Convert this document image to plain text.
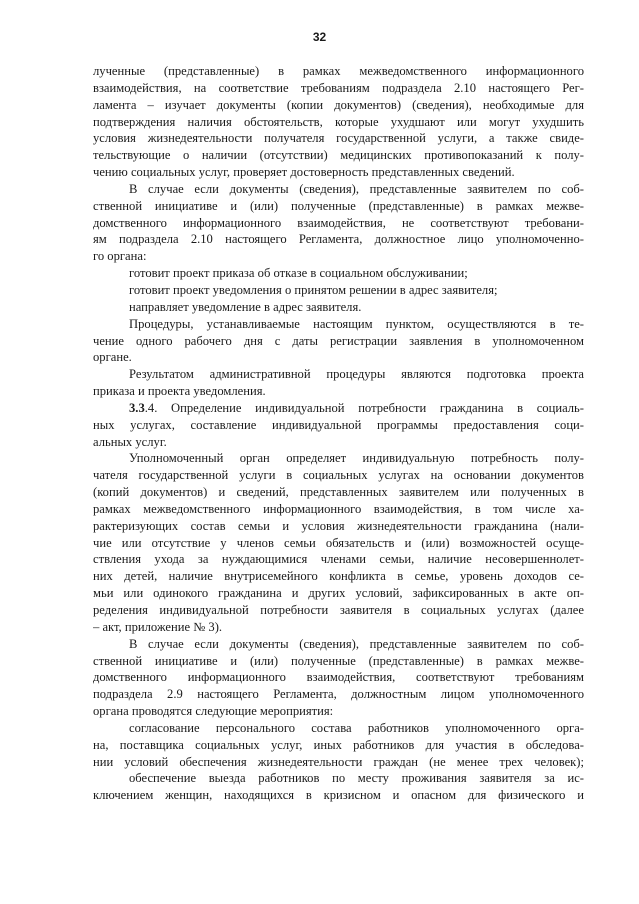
32
лученные (представленные) в рамках межведомственного информационного
взаимодействия, на соответствие требованиям подраздела 2.10 настоящего Рег-
ламента – изучает документы (копии документов) (сведения), необходимые для
подтверждения наличия обстоятельств, которые ухудшают или могут ухудшить
условия жизнедеятельности получателя государственной услуги, а также свиде-
тельствующие о наличии (отсутствии) медицинских противопоказаний к полу-
чению социальных услуг, проверяет достоверность представленных сведений.
В случае если документы (сведения), представленные заявителем по соб-
ственной инициативе и (или) полученные (представленные) в рамках межве-
домственного информационного взаимодействия, не соответствуют требовани-
ям подраздела 2.10 настоящего Регламента, должностное лицо уполномоченно-
го органа:
готовит проект приказа об отказе в социальном обслуживании;
готовит проект уведомления о принятом решении в адрес заявителя;
направляет уведомление в адрес заявителя.
Процедуры, устанавливаемые настоящим пунктом, осуществляются в те-
чение одного рабочего дня с даты регистрации заявления в уполномоченном
органе.
Результатом административной процедуры являются подготовка проекта
приказа и проекта уведомления.
3.3.4. Определение индивидуальной потребности гражданина в социаль-
ных услугах, составление индивидуальной программы предоставления соци-
альных услуг.
Уполномоченный орган определяет индивидуальную потребность полу-
чателя государственной услуги в социальных услугах на основании документов
(копий документов) и сведений, представленных заявителем или полученных в
рамках межведомственного информационного взаимодействия, в том числе ха-
рактеризующих состав семьи и условия жизнедеятельности гражданина (нали-
чие или отсутствие у членов семьи обязательств и (или) возможностей осуще-
ствления ухода за нуждающимися членами семьи, наличие несовершеннолет-
них детей, наличие внутрисемейного конфликта в семье, уровень доходов се-
мьи или одинокого гражданина и других условий, зафиксированных в акте оп-
ределения индивидуальной потребности заявителя в социальных услугах (далее
– акт, приложение № 3).
В случае если документы (сведения), представленные заявителем по соб-
ственной инициативе и (или) полученные (представленные) в рамках межве-
домственного информационного взаимодействия, соответствуют требованиям
подраздела 2.9 настоящего Регламента, должностным лицом уполномоченного
органа проводятся следующие мероприятия:
согласование персонального состава работников уполномоченного орга-
на, поставщика социальных услуг, иных работников для участия в обследова-
нии условий обеспечения жизнедеятельности граждан (не менее трех человек);
обеспечение выезда работников по месту проживания заявителя за ис-
ключением женщин, находящихся в кризисном и опасном для физического и
